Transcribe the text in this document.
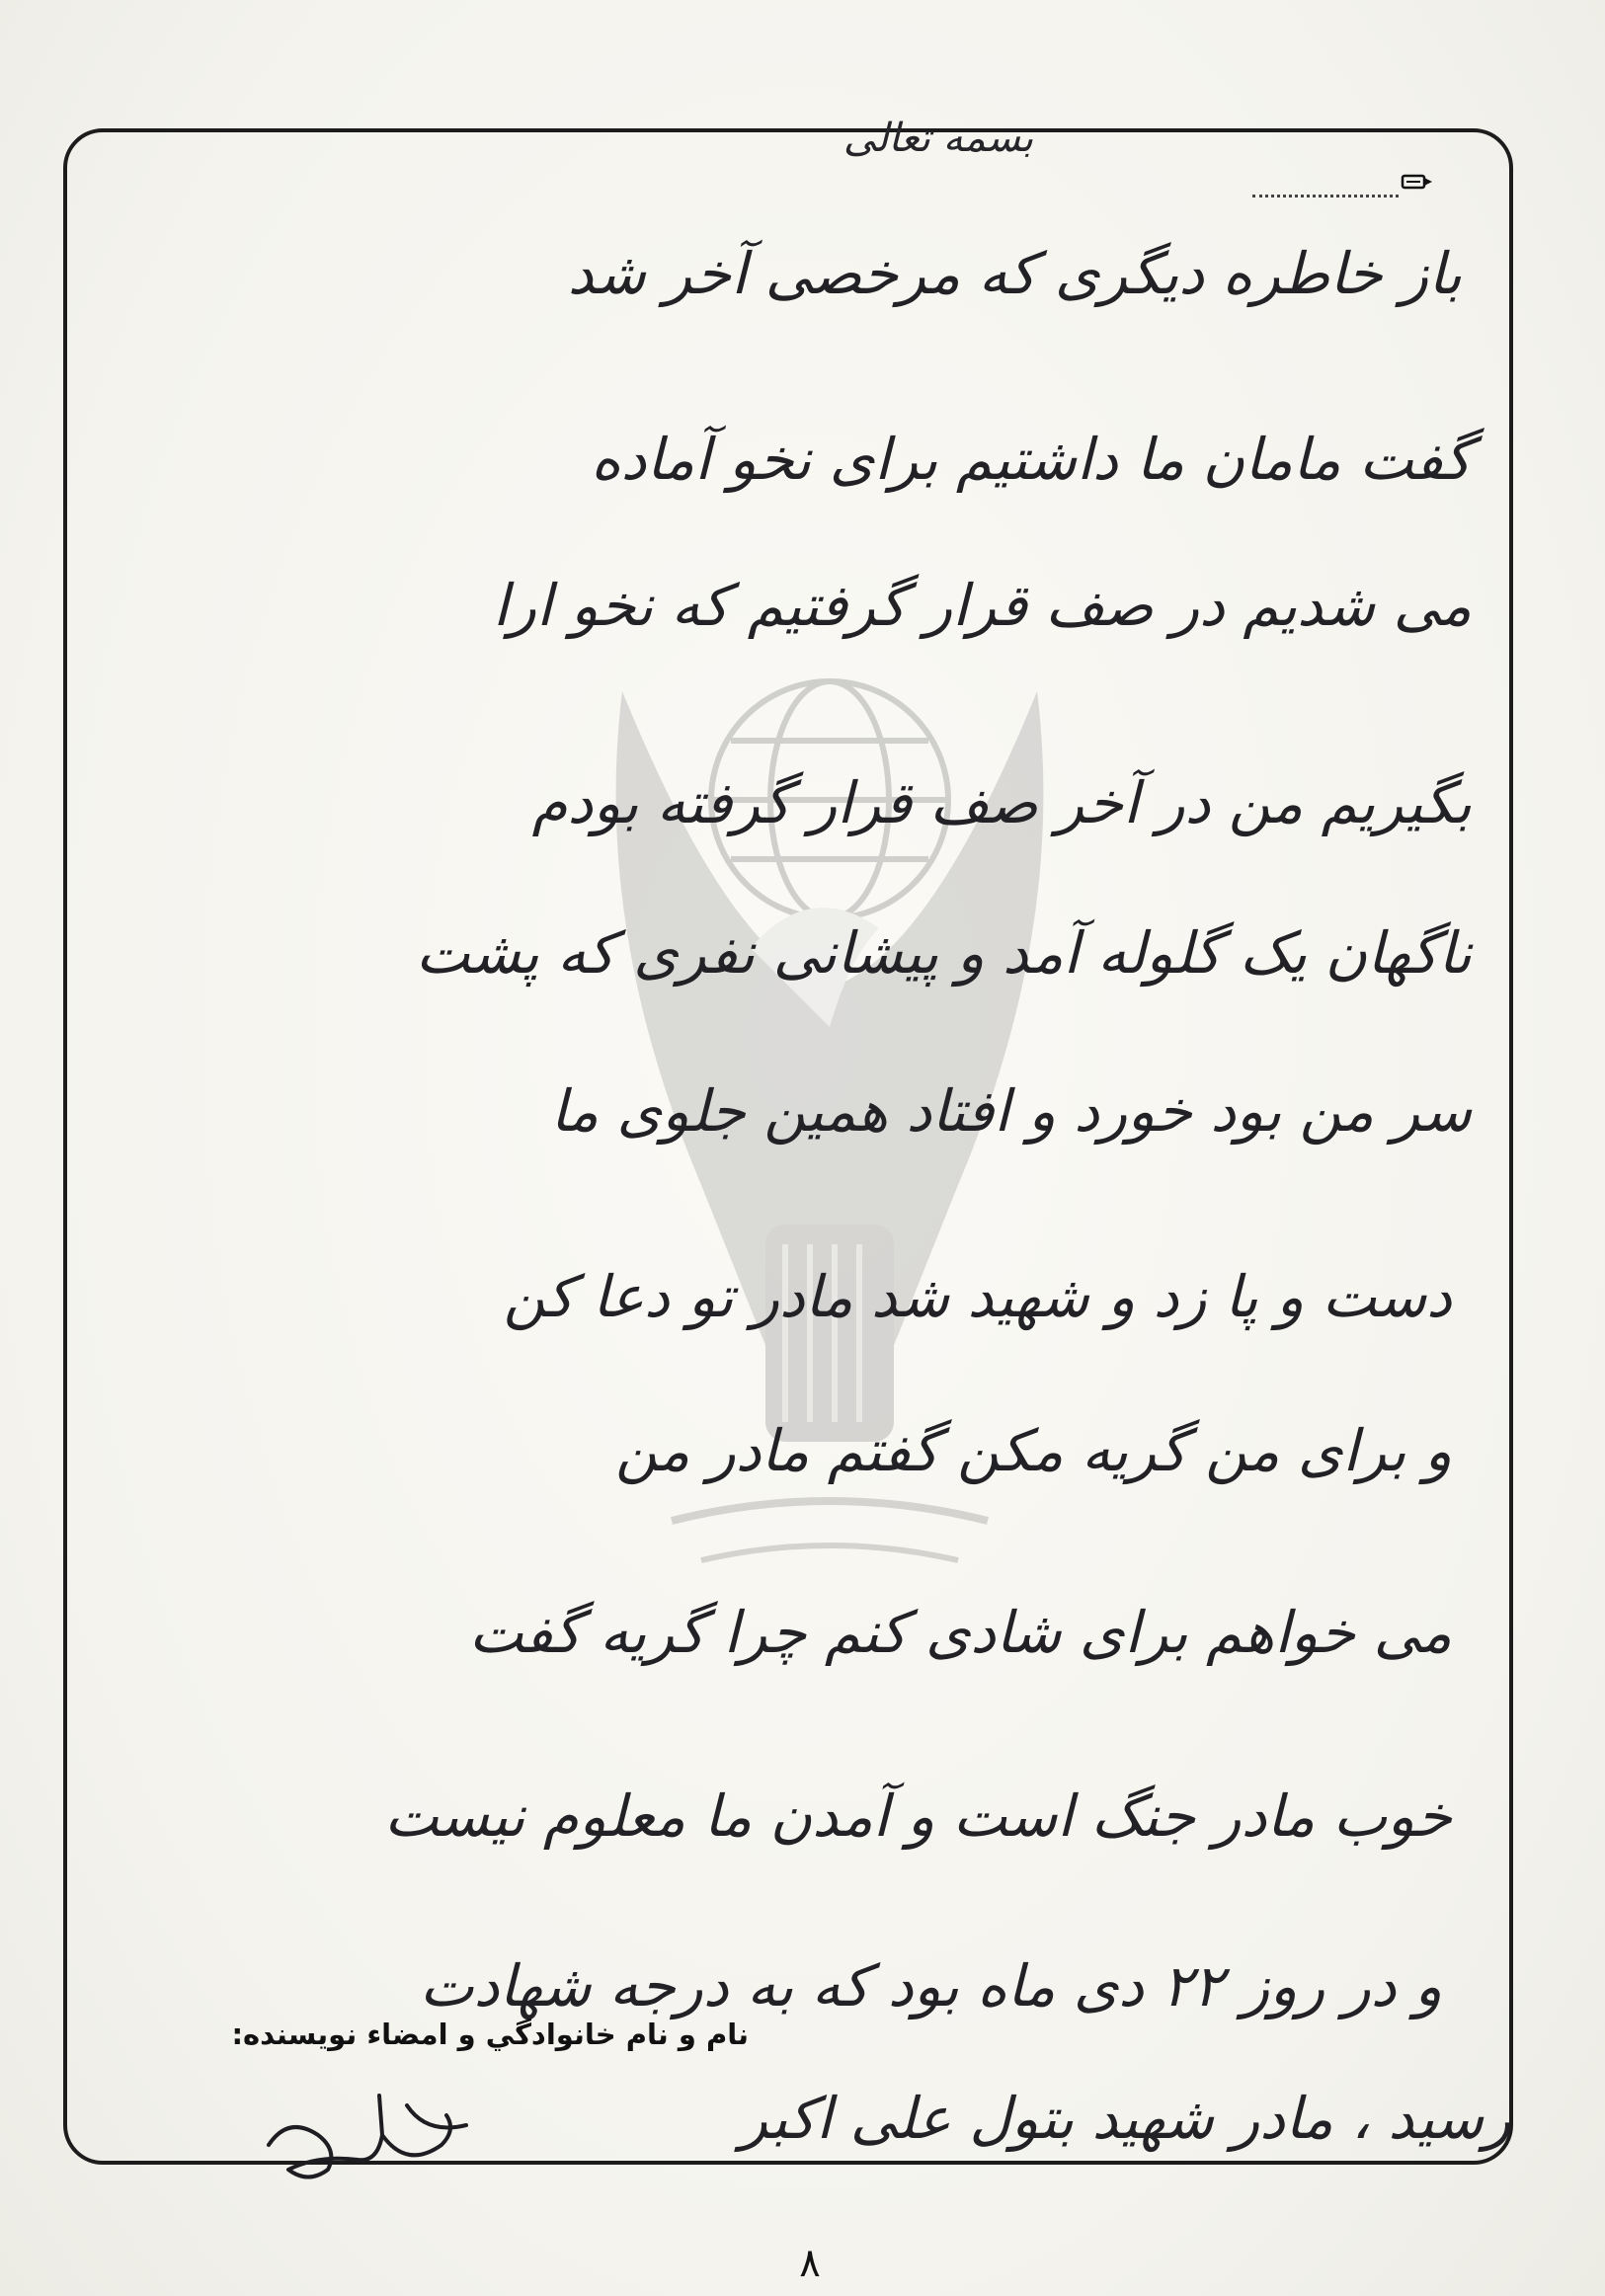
بسمه تعالی
باز خاطره دیگری که مرخصی آخر شد
گفت مامان ما داشتیم برای نخو آماده
می شدیم در صف قرار گرفتیم که نخو ارا
بگیریم من در آخر صف قرار گرفته بودم
ناگهان یک گلوله آمد و پیشانی نفری که پشت
سر من بود خورد و افتاد همین جلوی ما
دست و پا زد و شهید شد مادر تو دعا کن
و برای من گریه مکن گفتم مادر من
می خواهم برای شادی کنم چرا گریه گفت
خوب مادر جنگ است و آمدن ما معلوم نیست
و در روز ۲۲ دی ماه بود که به درجه شهادت
رسید ، مادر شهید بتول علی اکبر
نام و نام خانوادگي و امضاء نويسنده:
۸
